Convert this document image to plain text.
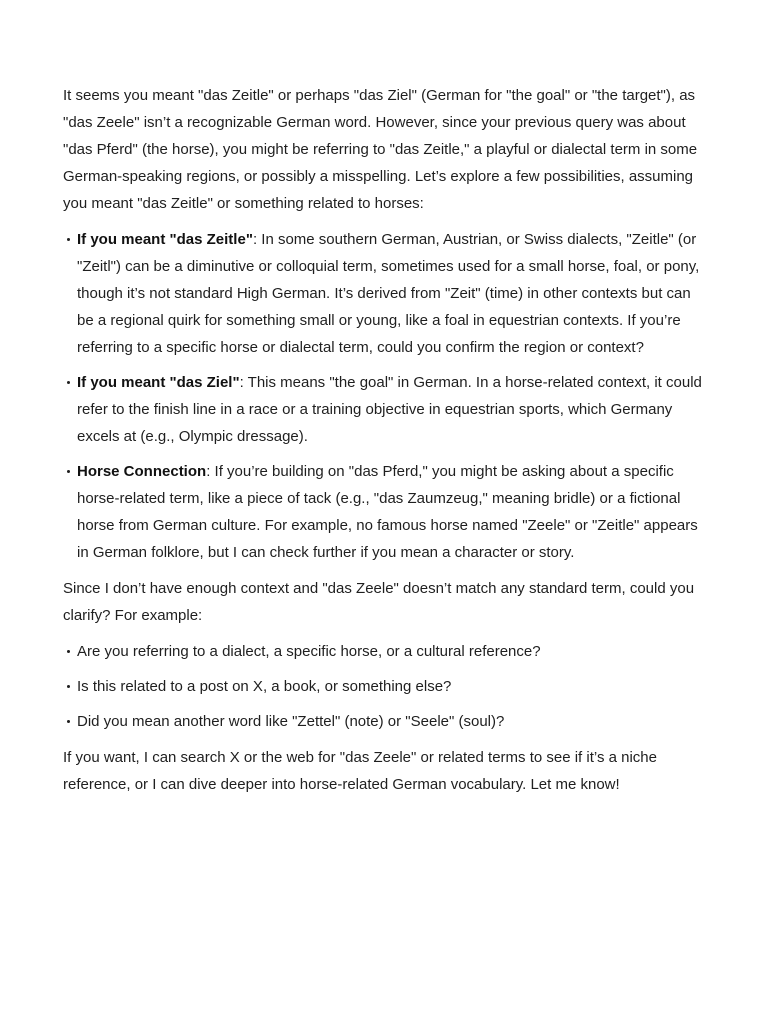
It seems you meant "das Zeitle" or perhaps "das Ziel" (German for "the goal" or "the target"), as "das Zeele" isn’t a recognizable German word. However, since your previous query was about "das Pferd" (the horse), you might be referring to "das Zeitle," a playful or dialectal term in some German-speaking regions, or possibly a misspelling. Let’s explore a few possibilities, assuming you meant "das Zeitle" or something related to horses:

If you meant "das Zeitle": In some southern German, Austrian, or Swiss dialects, "Zeitle" (or "Zeitl") can be a diminutive or colloquial term, sometimes used for a small horse, foal, or pony, though it’s not standard High German. It’s derived from "Zeit" (time) in other contexts but can be a regional quirk for something small or young, like a foal in equestrian contexts. If you’re referring to a specific horse or dialectal term, could you confirm the region or context?
If you meant "das Ziel": This means "the goal" in German. In a horse-related context, it could refer to the finish line in a race or a training objective in equestrian sports, which Germany excels at (e.g., Olympic dressage).
Horse Connection: If you’re building on "das Pferd," you might be asking about a specific horse-related term, like a piece of tack (e.g., "das Zaumzeug," meaning bridle) or a fictional horse from German culture. For example, no famous horse named "Zeele" or "Zeitle" appears in German folklore, but I can check further if you mean a character or story.

Since I don’t have enough context and "das Zeele" doesn’t match any standard term, could you clarify? For example:

Are you referring to a dialect, a specific horse, or a cultural reference?
Is this related to a post on X, a book, or something else?
Did you mean another word like "Zettel" (note) or "Seele" (soul)?

If you want, I can search X or the web for "das Zeele" or related terms to see if it’s a niche reference, or I can dive deeper into horse-related German vocabulary. Let me know!
